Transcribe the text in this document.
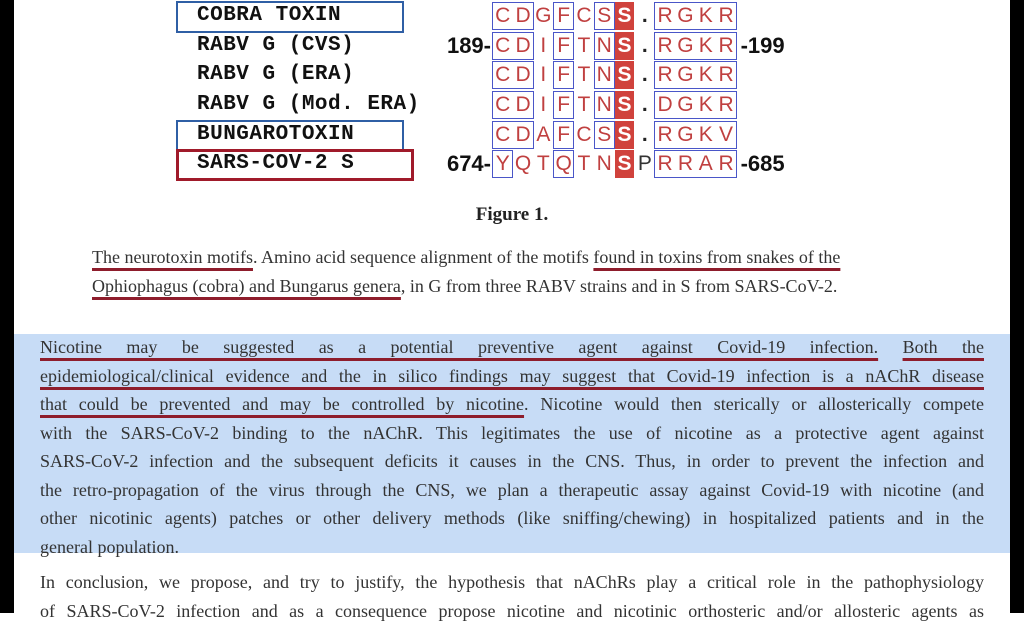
COBRA TOXIN	C D G F C S S . R G K R
RABV G (CVS)	189- C D I F T N S . R G K R -199
RABV G (ERA)	C D I F T N S . R G K R
RABV G (Mod. ERA)	C D I F T N S . D G K R
BUNGAROTOXIN	C D A F C S S . R G K V
SARS-COV-2 S	674- Y Q T Q T N S P R R A R -685
Figure 1.
The neurotoxin motifs. Amino acid sequence alignment of the motifs found in toxins from snakes of the
Ophiophagus (cobra) and Bungarus genera, in G from three RABV strains and in S from SARS-CoV-2.
Nicotine may be suggested as a potential preventive agent against Covid-19 infection. Both the
epidemiological/clinical evidence and the in silico findings may suggest that Covid-19 infection is a nAChR disease
that could be prevented and may be controlled by nicotine. Nicotine would then sterically or allosterically compete
with the SARS-CoV-2 binding to the nAChR. This legitimates the use of nicotine as a protective agent against
SARS-CoV-2 infection and the subsequent deficits it causes in the CNS. Thus, in order to prevent the infection and
the retro-propagation of the virus through the CNS, we plan a therapeutic assay against Covid-19 with nicotine (and
other nicotinic agents) patches or other delivery methods (like sniffing/chewing) in hospitalized patients and in the
general population.
In conclusion, we propose, and try to justify, the hypothesis that nAChRs play a critical role in the pathophysiology
of SARS-CoV-2 infection and as a consequence propose nicotine and nicotinic orthosteric and/or allosteric agents as
